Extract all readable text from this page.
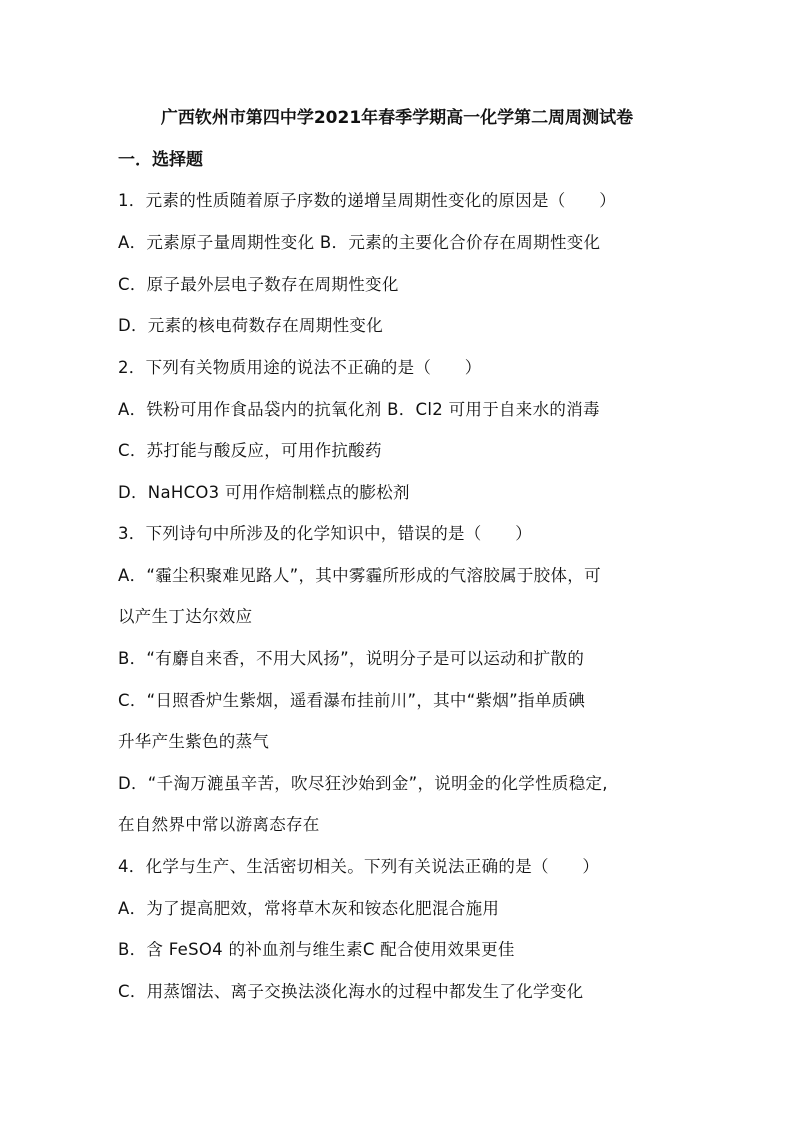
广西钦州市第四中学2021年春季学期高一化学第二周周测试卷
一．选择题
1．元素的性质随着原子序数的递增呈周期性变化的原因是（　　）
A．元素原子量周期性变化 B．元素的主要化合价存在周期性变化
C．原子最外层电子数存在周期性变化
D．元素的核电荷数存在周期性变化
2．下列有关物质用途的说法不正确的是（　　）
A．铁粉可用作食品袋内的抗氧化剂 B．Cl2 可用于自来水的消毒
C．苏打能与酸反应，可用作抗酸药
D．NaHCO3 可用作焙制糕点的膨松剂
3．下列诗句中所涉及的化学知识中，错误的是（　　）
A．“霾尘积聚难见路人”，其中雾霾所形成的气溶胶属于胶体，可
以产生丁达尔效应
B．“有麝自来香，不用大风扬”，说明分子是可以运动和扩散的
C．“日照香炉生紫烟，遥看瀑布挂前川”，其中“紫烟”指单质碘
升华产生紫色的蒸气
D．“千淘万漉虽辛苦，吹尽狂沙始到金”，说明金的化学性质稳定,
在自然界中常以游离态存在
4．化学与生产、生活密切相关。下列有关说法正确的是（　　）
A．为了提高肥效，常将草木灰和铵态化肥混合施用
B．含 FeSO4 的补血剂与维生素C 配合使用效果更佳
C．用蒸馏法、离子交换法淡化海水的过程中都发生了化学变化
